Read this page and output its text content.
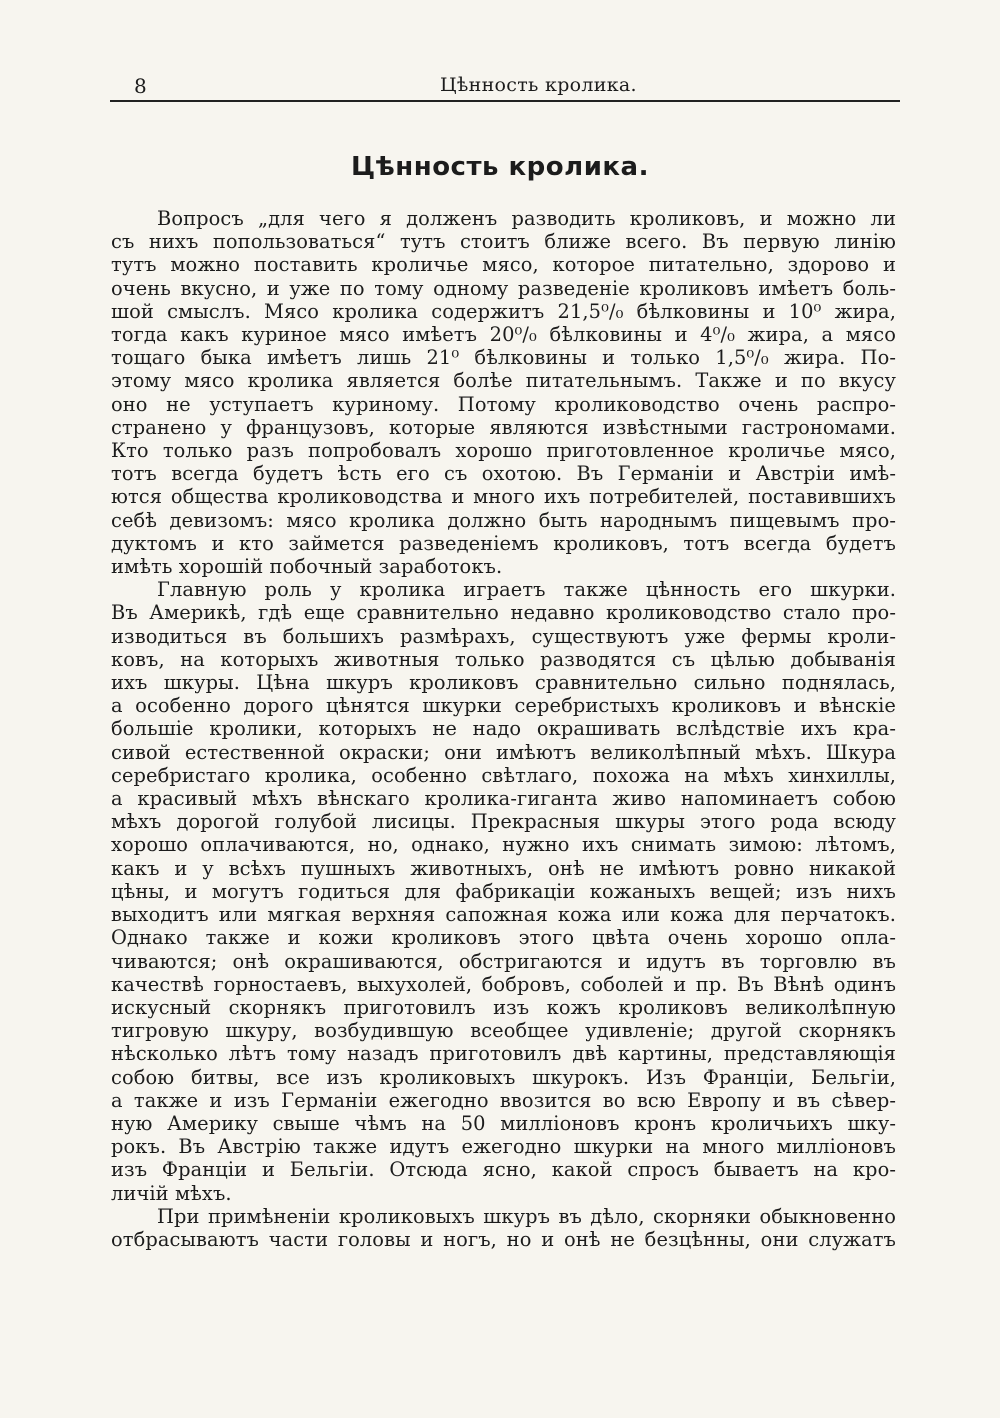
8	Цѣнность кролика.
Цѣнность кролика.
Вопросъ „для чего я долженъ разводить кроликовъ, и можно ли
съ нихъ попользоваться“ тутъ стоитъ ближе всего. Въ первую линію
тутъ можно поставить кроличье мясо, которое питательно, здорово и
очень вкусно, и уже по тому одному разведеніе кроликовъ имѣетъ боль-
шой смыслъ. Мясо кролика содержитъ 21,5⁰/₀ бѣлковины и 10⁰ жира,
тогда какъ куриное мясо имѣетъ 20⁰/₀ бѣлковины и 4⁰/₀ жира, а мясо
тощаго быка имѣетъ лишь 21⁰ бѣлковины и только 1,5⁰/₀ жира. По-
этому мясо кролика является болѣе питательнымъ. Также и по вкусу
оно не уступаетъ куриному. Потому кролиководство очень распро-
странено у французовъ, которые являются извѣстными гастрономами.
Кто только разъ попробовалъ хорошо приготовленное кроличье мясо,
тотъ всегда будетъ ѣсть его съ охотою. Въ Германіи и Австріи имѣ-
ются общества кролиководства и много ихъ потребителей, поставившихъ
себѣ девизомъ: мясо кролика должно быть народнымъ пищевымъ про-
дуктомъ и кто займется разведеніемъ кроликовъ, тотъ всегда будетъ
имѣть хорошій побочный заработокъ.
Главную роль у кролика играетъ также цѣнность его шкурки.
Въ Америкѣ, гдѣ еще сравнительно недавно кролиководство стало про-
изводиться въ большихъ размѣрахъ, существуютъ уже фермы кроли-
ковъ, на которыхъ животныя только разводятся съ цѣлью добыванія
ихъ шкуры. Цѣна шкуръ кроликовъ сравнительно сильно поднялась,
а особенно дорого цѣнятся шкурки серебристыхъ кроликовъ и вѣнскіе
большіе кролики, которыхъ не надо окрашивать вслѣдствіе ихъ кра-
сивой естественной окраски; они имѣютъ великолѣпный мѣхъ. Шкура
серебристаго кролика, особенно свѣтлаго, похожа на мѣхъ хинхиллы,
а красивый мѣхъ вѣнскаго кролика-гиганта живо напоминаетъ собою
мѣхъ дорогой голубой лисицы. Прекрасныя шкуры этого рода всюду
хорошо оплачиваются, но, однако, нужно ихъ снимать зимою: лѣтомъ,
какъ и у всѣхъ пушныхъ животныхъ, онѣ не имѣютъ ровно никакой
цѣны, и могутъ годиться для фабрикаціи кожаныхъ вещей; изъ нихъ
выходитъ или мягкая верхняя сапожная кожа или кожа для перчатокъ.
Однако также и кожи кроликовъ этого цвѣта очень хорошо опла-
чиваются; онѣ окрашиваются, обстригаются и идутъ въ торговлю въ
качествѣ горностаевъ, выхухолей, бобровъ, соболей и пр. Въ Вѣнѣ одинъ
искусный скорнякъ приготовилъ изъ кожъ кроликовъ великолѣпную
тигровую шкуру, возбудившую всеобщее удивленіе; другой скорнякъ
нѣсколько лѣтъ тому назадъ приготовилъ двѣ картины, представляющія
собою битвы, все изъ кроликовыхъ шкурокъ. Изъ Франціи, Бельгіи,
а также и изъ Германіи ежегодно ввозится во всю Европу и въ сѣвер-
ную Америку свыше чѣмъ на 50 милліоновъ кронъ кроличьихъ шку-
рокъ. Въ Австрію также идутъ ежегодно шкурки на много милліоновъ
изъ Франціи и Бельгіи. Отсюда ясно, какой спросъ бываетъ на кро-
личій мѣхъ.
При примѣненіи кроликовыхъ шкуръ въ дѣло, скорняки обыкновенно
отбрасываютъ части головы и ногъ, но и онѣ не безцѣнны, они служатъ
